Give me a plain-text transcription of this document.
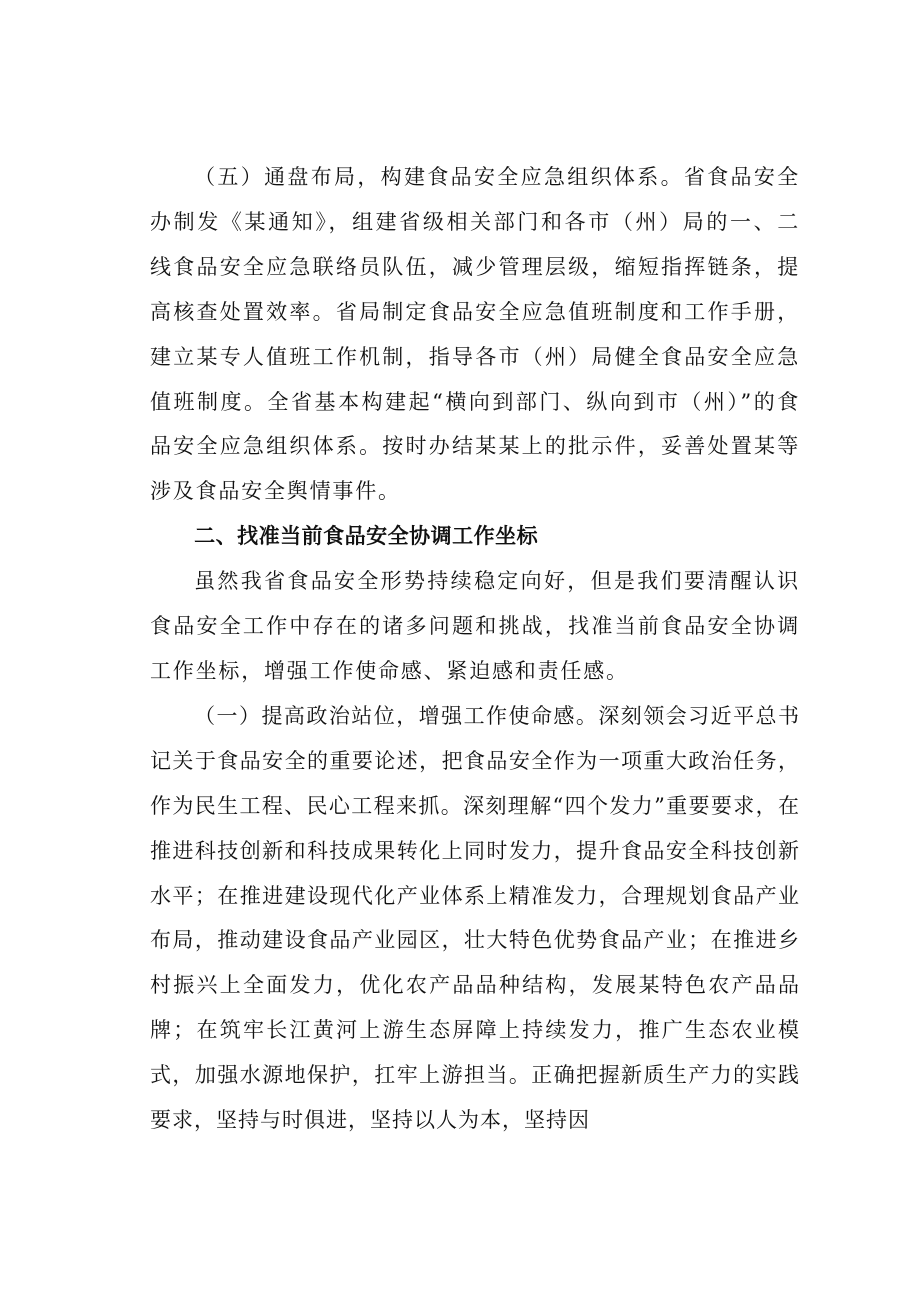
（五）通盘布局，构建食品安全应急组织体系。省食品安全办制发《某通知》，组建省级相关部门和各市（州）局的一、二线食品安全应急联络员队伍，减少管理层级，缩短指挥链条，提高核查处置效率。省局制定食品安全应急值班制度和工作手册，建立某专人值班工作机制，指导各市（州）局健全食品安全应急值班制度。全省基本构建起“横向到部门、纵向到市（州）”的食品安全应急组织体系。按时办结某某上的批示件，妥善处置某等涉及食品安全舆情事件。

二、找准当前食品安全协调工作坐标

虽然我省食品安全形势持续稳定向好，但是我们要清醒认识食品安全工作中存在的诸多问题和挑战，找准当前食品安全协调工作坐标，增强工作使命感、紧迫感和责任感。

（一）提高政治站位，增强工作使命感。深刻领会习近平总书记关于食品安全的重要论述，把食品安全作为一项重大政治任务，作为民生工程、民心工程来抓。深刻理解“四个发力”重要要求，在推进科技创新和科技成果转化上同时发力，提升食品安全科技创新水平；在推进建设现代化产业体系上精准发力，合理规划食品产业布局，推动建设食品产业园区，壮大特色优势食品产业；在推进乡村振兴上全面发力，优化农产品品种结构，发展某特色农产品品牌；在筑牢长江黄河上游生态屏障上持续发力，推广生态农业模式，加强水源地保护，扛牢上游担当。正确把握新质生产力的实践要求，坚持与时俱进，坚持以人为本，坚持因
